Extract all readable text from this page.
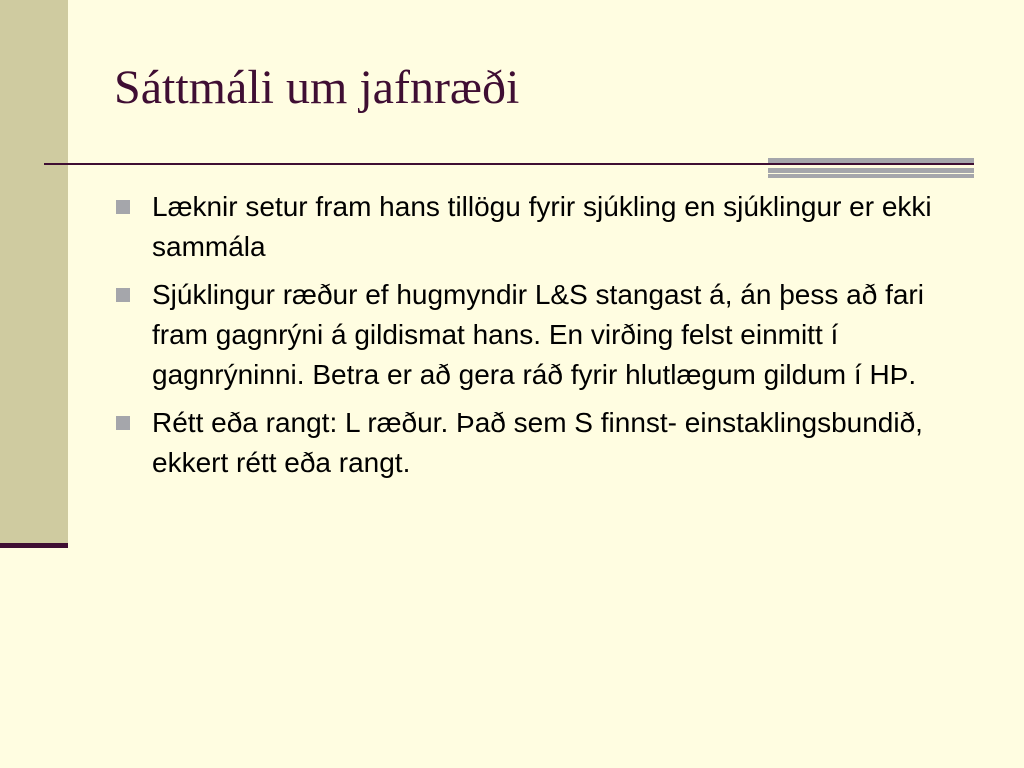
Sáttmáli um jafnræði
Læknir setur fram hans tillögu fyrir sjúkling en sjúklingur er ekki sammála
Sjúklingur ræður ef hugmyndir L&S stangast á, án þess að fari fram gagnrýni á gildismat hans. En virðing felst einmitt í gagnrýninni. Betra er að gera ráð fyrir hlutlægum gildum í HÞ.
Rétt eða rangt: L ræður. Það sem S finnst- einstaklingsbundið, ekkert rétt eða rangt.
